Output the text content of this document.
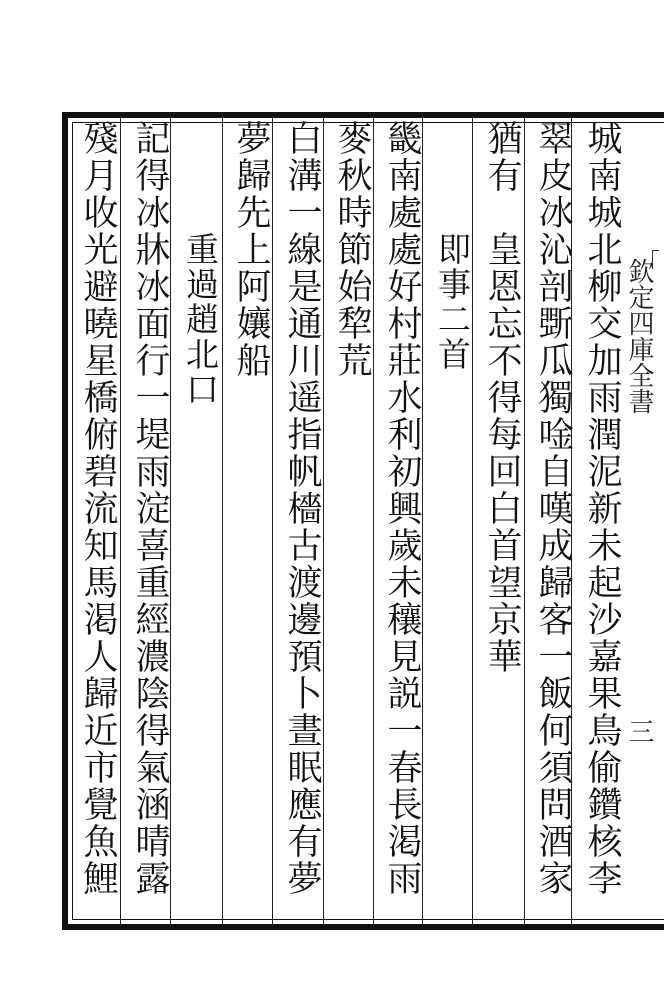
欽定四庫全書
三
城南城北柳交加雨潤泥新未起沙嘉果鳥偷鑽核李
翠皮冰沁剖斲瓜獨唫自嘆成歸客一飯何須問酒家
猶有　皇恩忘不得每回白首望京華
即事二首
畿南處處好村莊水利初興歲未穰見説一春長渇雨
麥秋時節始犂荒
白溝一線是通川遥指帆檣古渡邊預卜晝眠應有夢
夢歸先上阿孃船
重過趙北口
記得冰牀冰面行一堤雨淀喜重經濃陰得氣涵晴露
殘月收光避曉星橋俯碧流知馬渇人歸近市覺魚鯉
